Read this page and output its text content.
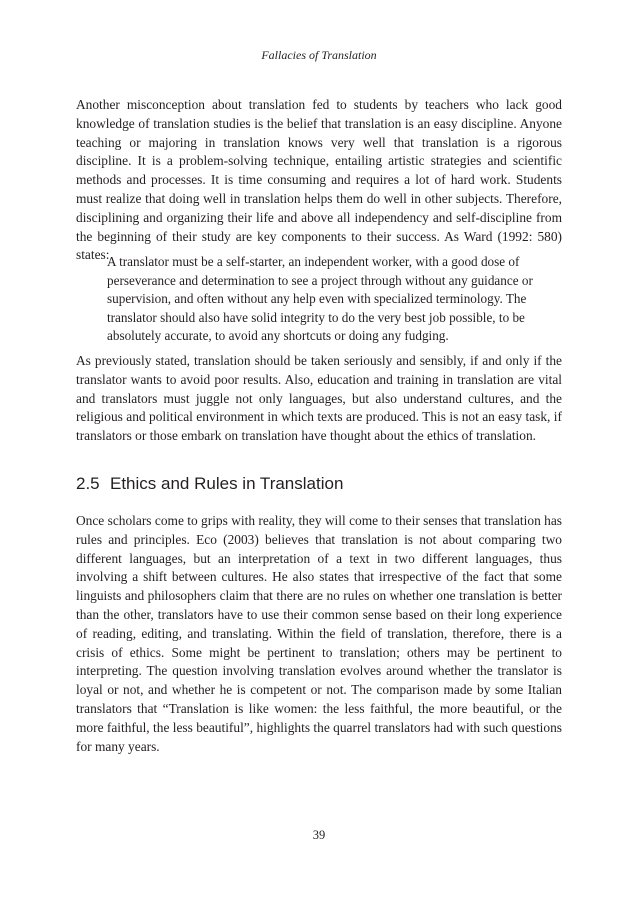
Fallacies of Translation

Another misconception about translation fed to students by teachers who lack good knowledge of translation studies is the belief that translation is an easy discipline. Anyone teaching or majoring in translation knows very well that translation is a rigorous discipline. It is a problem-solving technique, entailing artistic strategies and scientific methods and processes. It is time consuming and requires a lot of hard work. Students must realize that doing well in translation helps them do well in other subjects. Therefore, disciplining and organizing their life and above all independency and self-discipline from the beginning of their study are key components to their success. As Ward (1992: 580) states:

A translator must be a self-starter, an independent worker, with a good dose of perseverance and determination to see a project through without any guidance or supervision, and often without any help even with specialized terminology. The translator should also have solid integrity to do the very best job possible, to be absolutely accurate, to avoid any shortcuts or doing any fudging.

As previously stated, translation should be taken seriously and sensibly, if and only if the translator wants to avoid poor results. Also, education and training in translation are vital and translators must juggle not only languages, but also understand cultures, and the religious and political environment in which texts are produced. This is not an easy task, if translators or those embark on translation have thought about the ethics of translation.

2.5 Ethics and Rules in Translation

Once scholars come to grips with reality, they will come to their senses that translation has rules and principles. Eco (2003) believes that translation is not about comparing two different languages, but an interpretation of a text in two different languages, thus involving a shift between cultures. He also states that irrespective of the fact that some linguists and philosophers claim that there are no rules on whether one translation is better than the other, translators have to use their common sense based on their long experience of reading, editing, and translating. Within the field of translation, therefore, there is a crisis of ethics. Some might be pertinent to translation; others may be pertinent to interpreting. The question involving translation evolves around whether the translator is loyal or not, and whether he is competent or not. The comparison made by some Italian translators that “Translation is like women: the less faithful, the more beautiful, or the more faithful, the less beautiful”, highlights the quarrel translators had with such questions for many years.

39
